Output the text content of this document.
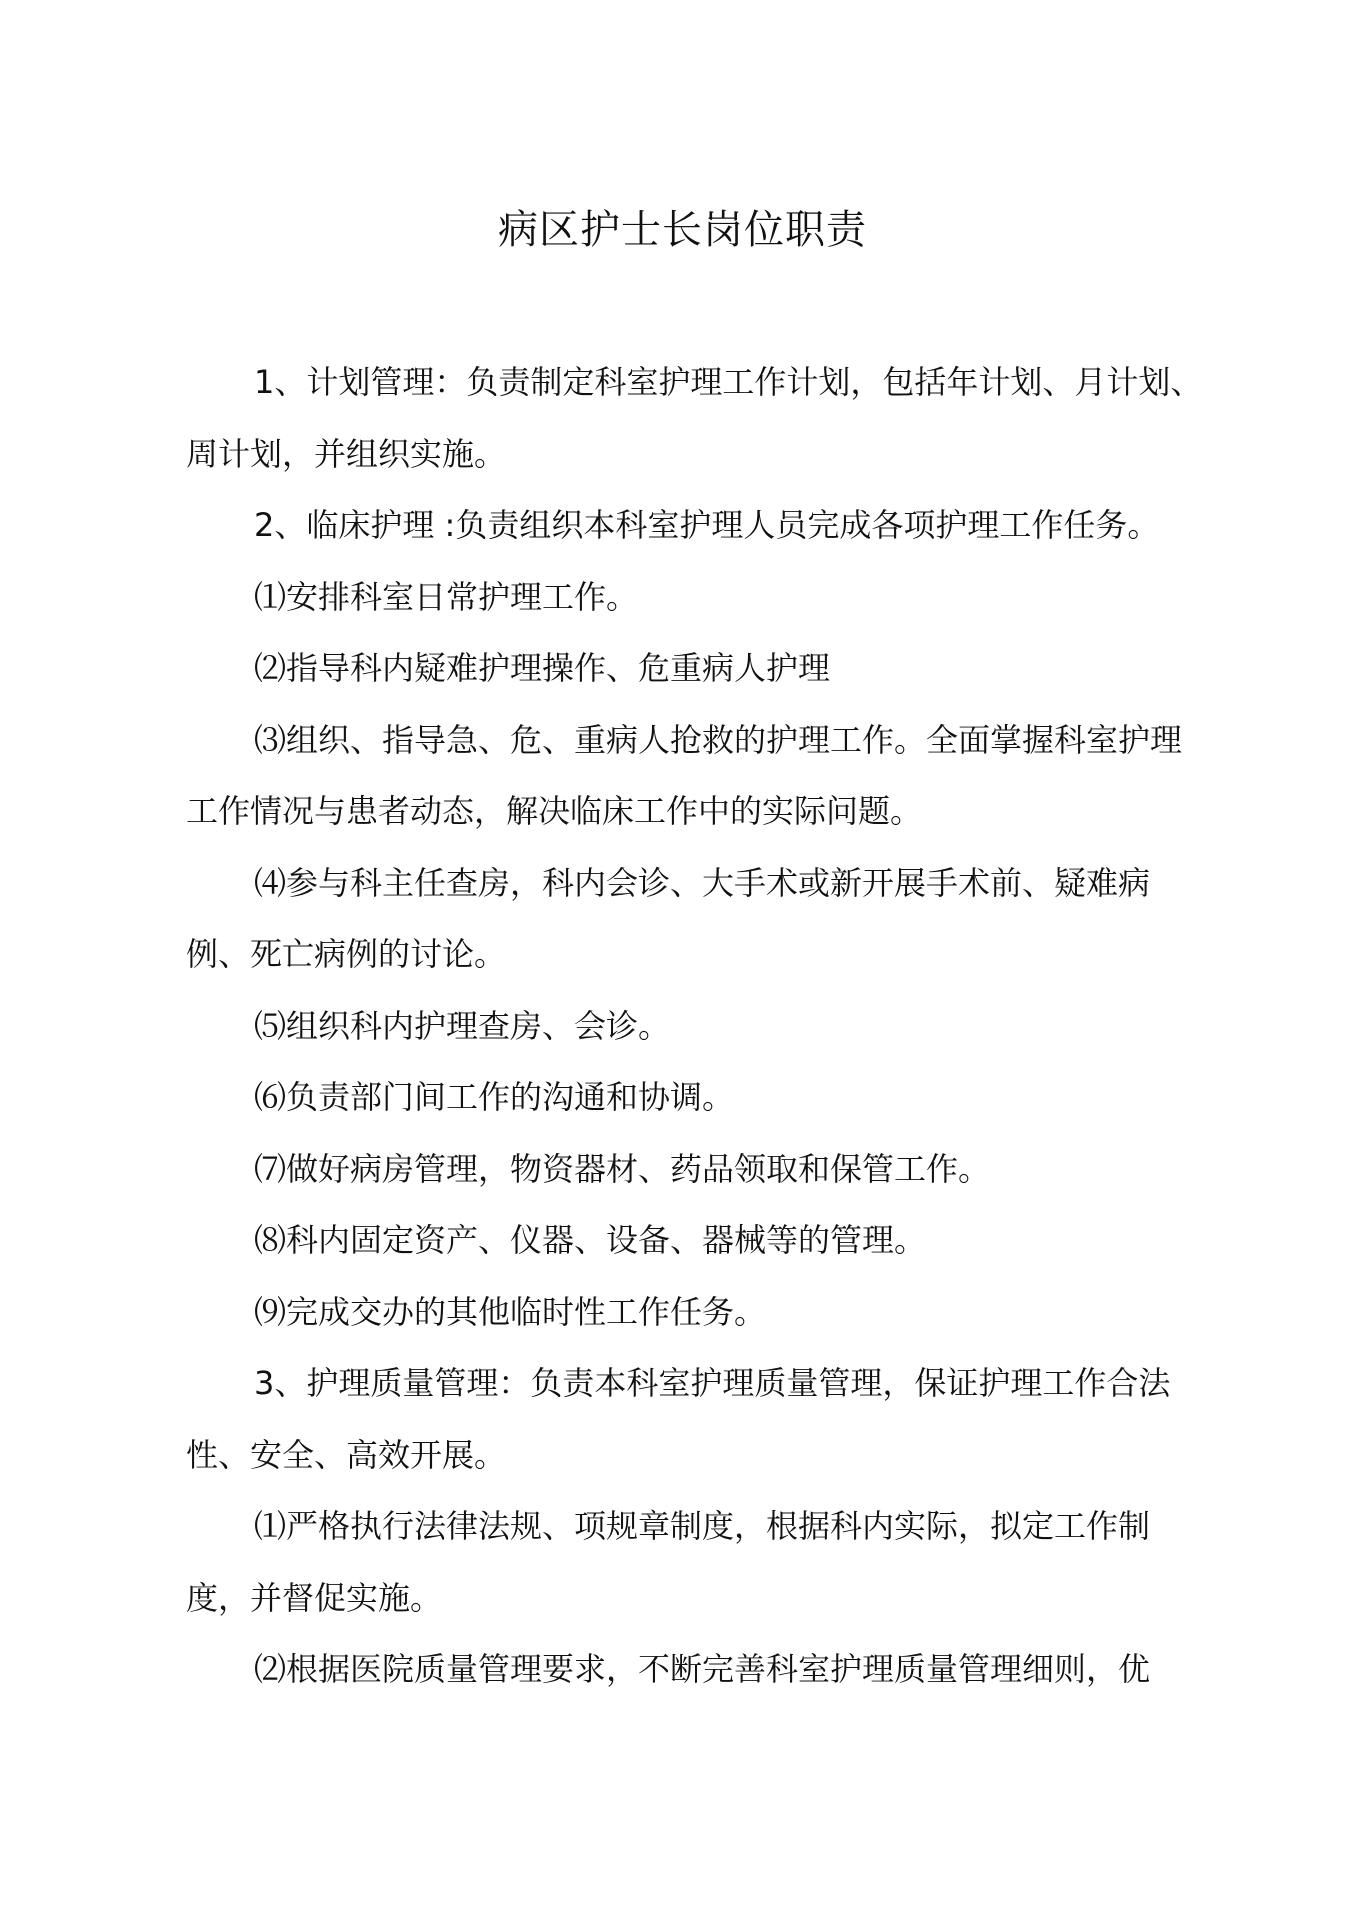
病区护士长岗位职责

1、计划管理：负责制定科室护理工作计划，包括年计划、月计划、周计划，并组织实施。

2、临床护理 :负责组织本科室护理人员完成各项护理工作任务。

⑴安排科室日常护理工作。

⑵指导科内疑难护理操作、危重病人护理

⑶组织、指导急、危、重病人抢救的护理工作。全面掌握科室护理工作情况与患者动态，解决临床工作中的实际问题。

⑷参与科主任查房，科内会诊、大手术或新开展手术前、疑难病例、死亡病例的讨论。

⑸组织科内护理查房、会诊。

⑹负责部门间工作的沟通和协调。

⑺做好病房管理，物资器材、药品领取和保管工作。

⑻科内固定资产、仪器、设备、器械等的管理。

⑼完成交办的其他临时性工作任务。

3、护理质量管理：负责本科室护理质量管理，保证护理工作合法性、安全、高效开展。

⑴严格执行法律法规、项规章制度，根据科内实际，拟定工作制度，并督促实施。

⑵根据医院质量管理要求，不断完善科室护理质量管理细则，优
